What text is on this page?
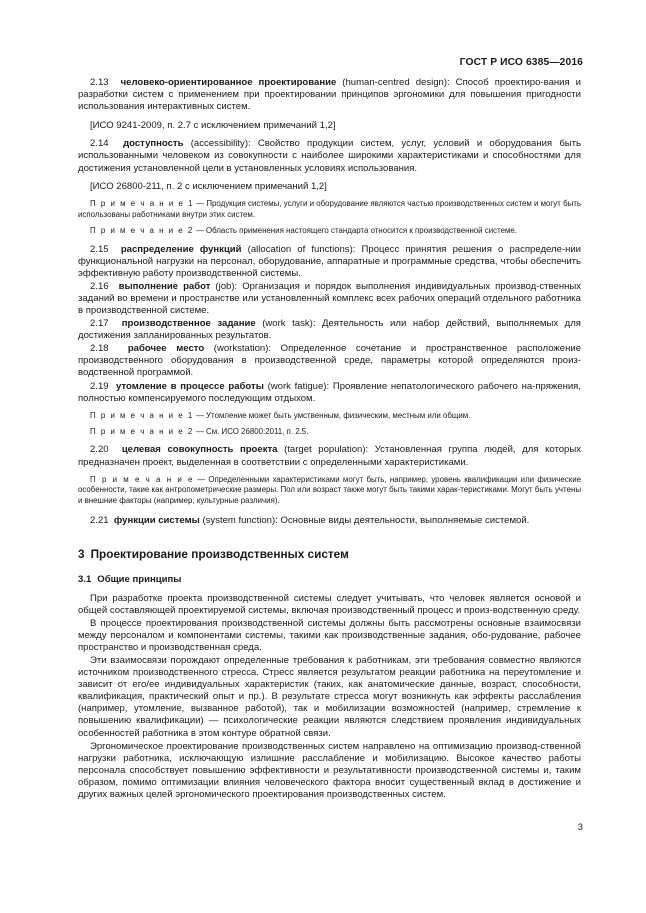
ГОСТ Р ИСО 6385—2016

2.13 человеко-ориентированное проектирование (human-centred design): Способ проектиро-вания и разработки систем с применением при проектировании принципов эргономики для повышения пригодности использования интерактивных систем.

[ИСО 9241-2009, п. 2.7 с исключением примечаний 1,2]

2.14 доступность (accessibility): Свойство продукции систем, услуг, условий и оборудования быть использованными человеком из совокупности с наиболее широкими характеристиками и способностями для достижения установленной цели в установленных условиях использования.

[ИСО 26800-211, п. 2 с исключением примечаний 1,2]

П р и м е ч а н и е 1 — Продукция системы, услуги и оборудование являются частью производственных систем и могут быть использованы работниками внутри этих систем.

П р и м е ч а н и е 2 — Область применения настоящего стандарта относится к производственной системе.

2.15 распределение функций (allocation of functions): Процесс принятия решения о распределе-нии функциональной нагрузки на персонал, оборудование, аппаратные и программные средства, чтобы обеспечить эффективную работу производственной системы.

2.16 выполнение работ (job): Организация и порядок выполнения индивидуальных производ-ственных заданий во времени и пространстве или установленный комплекс всех рабочих операций отдельного работника в производственной системе.

2.17 производственное задание (work task): Деятельность или набор действий, выполняемых для достижения запланированных результатов.

2.18 рабочее место (workstation): Определенное сочетание и пространственное расположение производственного оборудования в производственной среде, параметры которой определяются произ-водственной программой.

2.19 утомление в процессе работы (work fatigue): Проявление непатологического рабочего на-пряжения, полностью компенсируемого последующим отдыхом.

П р и м е ч а н и е 1 — Утомление может быть умственным, физическим, местным или общим.

П р и м е ч а н и е 2 — См. ИСО 26800:2011, п. 2.5.

2.20 целевая совокупность проекта (target population): Установленная группа людей, для которых предназначен проект, выделенная в соответствии с определенными характеристиками.

П р и м е ч а н и е — Определенными характеристиками могут быть, например, уровень квалификации или физические особенности, такие как антропометрические размеры. Пол или возраст также могут быть такими харак-теристиками. Могут быть учтены и внешние факторы (например, культурные различия).

2.21 функции системы (system function): Основные виды деятельности, выполняемые системой.

3 Проектирование производственных систем
3.1 Общие принципы

При разработке проекта производственной системы следует учитывать, что человек является основой и общей составляющей проектируемой системы, включая производственный процесс и произ-водственную среду.

В процессе проектирования производственной системы должны быть рассмотрены основные взаимосвязи между персоналом и компонентами системы, такими как производственные задания, обо-рудование, рабочее пространство и производственная среда.

Эти взаимосвязи порождают определенные требования к работникам, эти требования совместно являются источником производственного стресса. Стресс является результатом реакции работника на переутомление и зависит от его/ее индивидуальных характеристик (таких, как анатомические данные, возраст, способности, квалификация, практический опыт и пр.). В результате стресса могут возникнуть как эффекты расслабления (например, утомление, вызванное работой), так и мобилизации возможностей (например, стремление к повышению квалификации) — психологические реакции являются следствием проявления индивидуальных особенностей работника в этом контуре обратной связи.

Эргономическое проектирование производственных систем направлено на оптимизацию производ-ственной нагрузки работника, исключающую излишние расслабление и мобилизацию. Высокое качество работы персонала способствует повышению эффективности и результативности производственной системы и, таким образом, помимо оптимизации влияния человеческого фактора вносит существенный вклад в достижение и других важных целей эргономического проектирования производственных систем.

3
